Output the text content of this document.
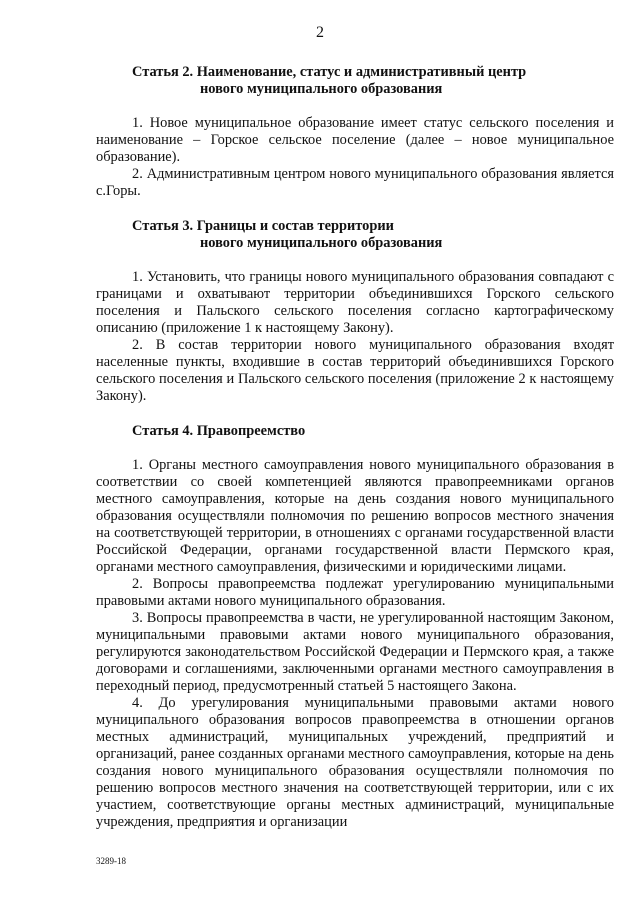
2
Статья 2. Наименование, статус и административный центр
нового муниципального образования

1. Новое муниципальное образование имеет статус сельского поселения и наименование – Горское сельское поселение (далее – новое муниципальное образование).

2. Административным центром нового муниципального образования является с.Горы.

Статья 3. Границы и состав территории
нового муниципального образования

1. Установить, что границы нового муниципального образования совпадают с границами и охватывают территории объединившихся Горского сельского поселения и Пальского сельского поселения согласно картографическому описанию (приложение 1 к настоящему Закону).

2. В состав территории нового муниципального образования входят населенные пункты, входившие в состав территорий объединившихся Горского сельского поселения и Пальского сельского поселения (приложение 2 к настоящему Закону).

Статья 4. Правопреемство

1. Органы местного самоуправления нового муниципального образования в соответствии со своей компетенцией являются правопреемниками органов местного самоуправления, которые на день создания нового муниципального образования осуществляли полномочия по решению вопросов местного значения на соответствующей территории, в отношениях с органами государственной власти Российской Федерации, органами государственной власти Пермского края, органами местного самоуправления, физическими и юридическими лицами.

2. Вопросы правопреемства подлежат урегулированию муниципальными правовыми актами нового муниципального образования.

3. Вопросы правопреемства в части, не урегулированной настоящим Законом, муниципальными правовыми актами нового муниципального образования, регулируются законодательством Российской Федерации и Пермского края, а также договорами и соглашениями, заключенными органами местного самоуправления в переходный период, предусмотренный статьей 5 настоящего Закона.

4. До урегулирования муниципальными правовыми актами нового муниципального образования вопросов правопреемства в отношении органов местных администраций, муниципальных учреждений, предприятий и организаций, ранее созданных органами местного самоуправления, которые на день создания нового муниципального образования осуществляли полномочия по решению вопросов местного значения на соответствующей территории, или с их участием, соответствующие органы местных администраций, муниципальные учреждения, предприятия и организации

3289-18
